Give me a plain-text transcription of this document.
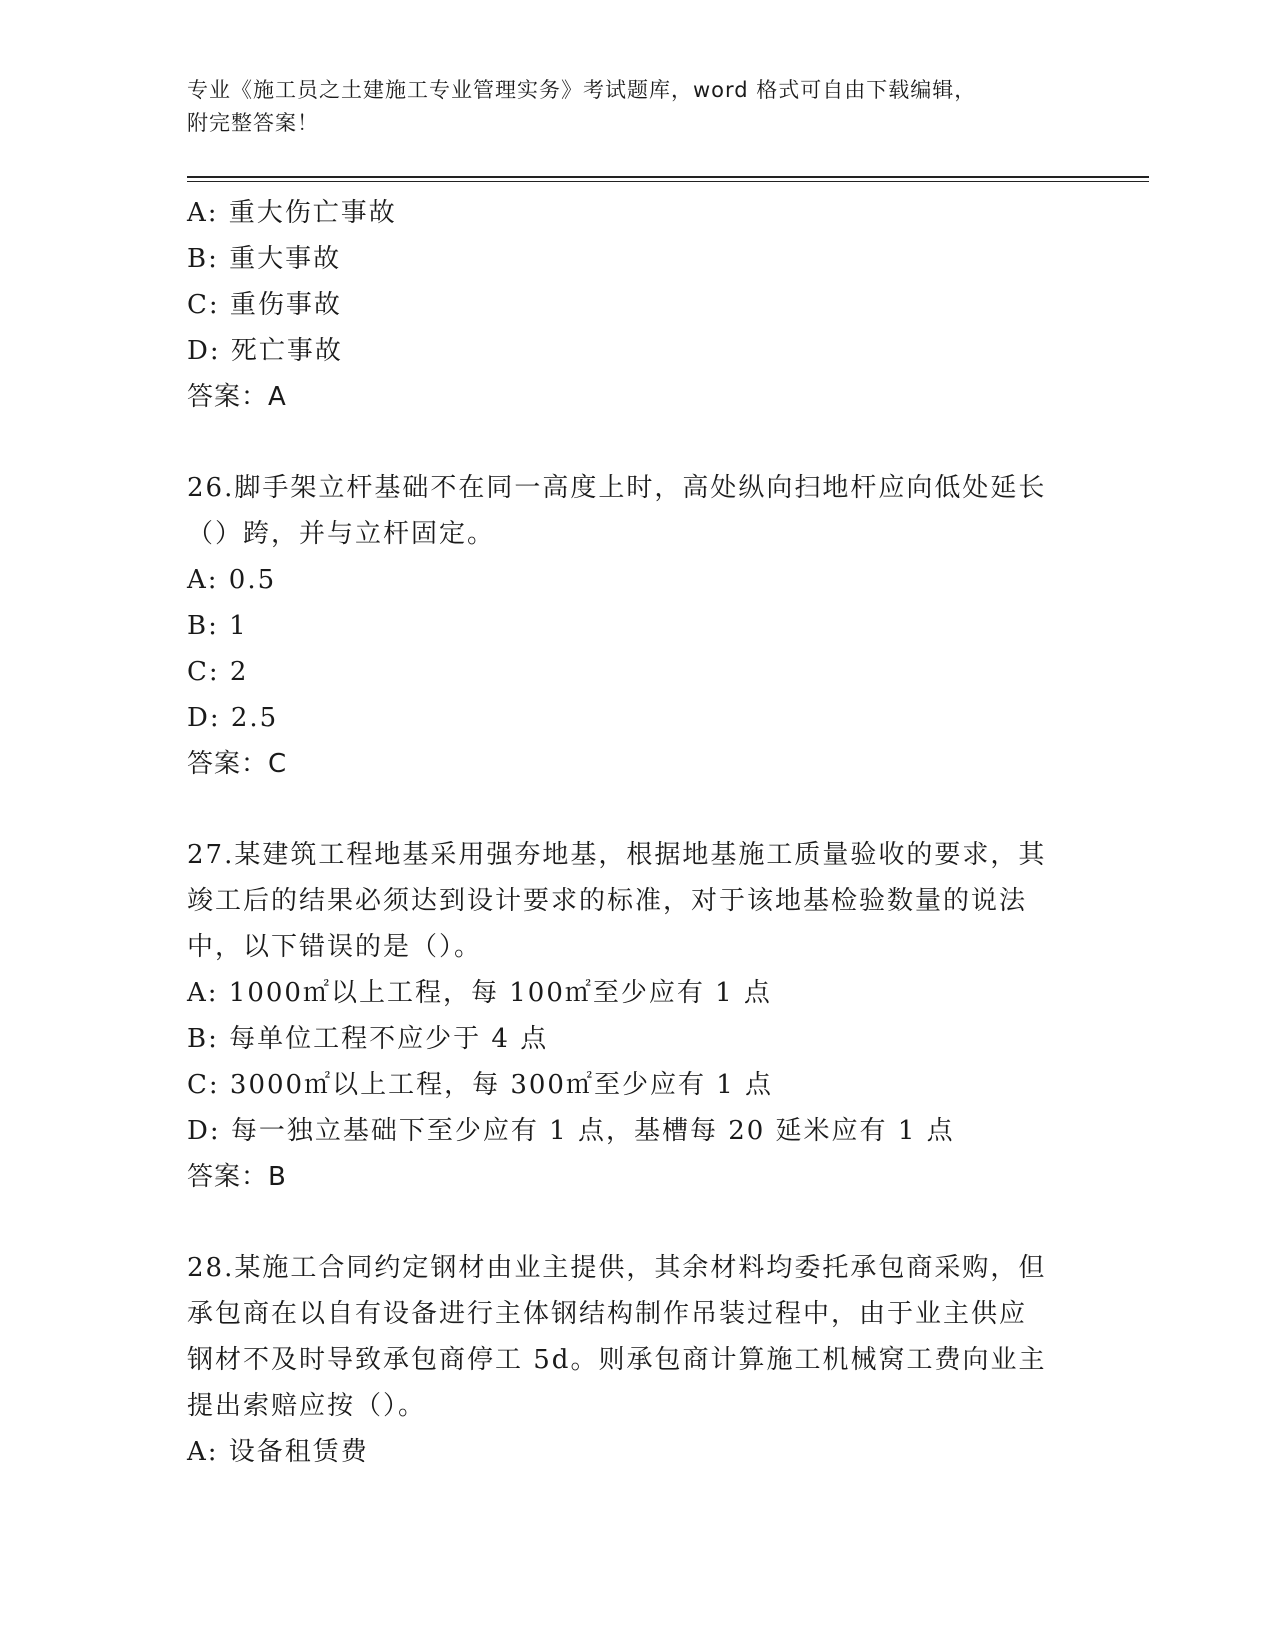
专业《施工员之土建施工专业管理实务》考试题库，word 格式可自由下载编辑，
附完整答案！
A: 重大伤亡事故
B: 重大事故
C: 重伤事故
D: 死亡事故
答案：A
26.脚手架立杆基础不在同一高度上时，高处纵向扫地杆应向低处延长
（）跨，并与立杆固定。
A: 0.5
B: 1
C: 2
D: 2.5
答案：C
27.某建筑工程地基采用强夯地基，根据地基施工质量验收的要求，其
竣工后的结果必须达到设计要求的标准，对于该地基检验数量的说法
中，以下错误的是（）。
A: 1000㎡以上工程，每 100㎡至少应有 1 点
B: 每单位工程不应少于 4 点
C: 3000㎡以上工程，每 300㎡至少应有 1 点
D: 每一独立基础下至少应有 1 点，基槽每 20 延米应有 1 点
答案：B
28.某施工合同约定钢材由业主提供，其余材料均委托承包商采购，但
承包商在以自有设备进行主体钢结构制作吊装过程中，由于业主供应
钢材不及时导致承包商停工 5d。则承包商计算施工机械窝工费向业主
提出索赔应按（）。
A: 设备租赁费
